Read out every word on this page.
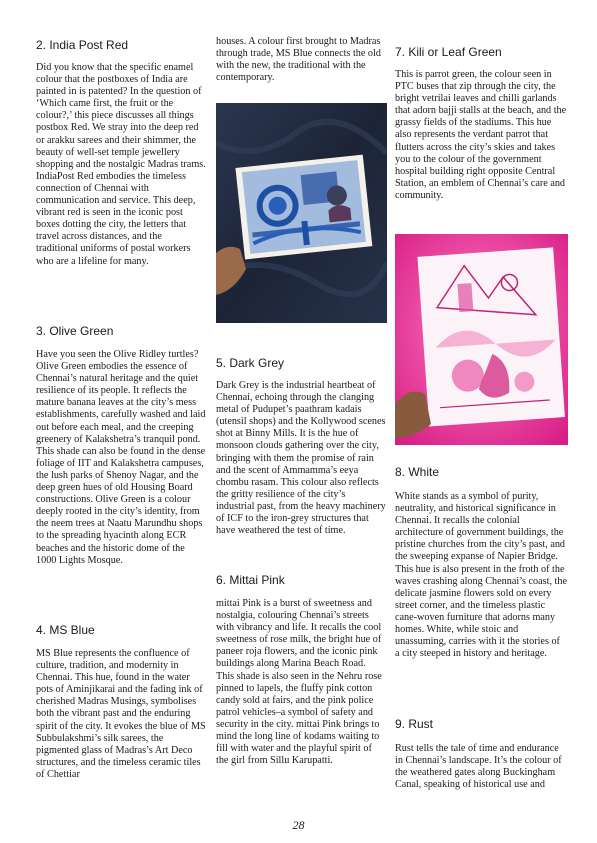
2. India Post Red

Did you know that the specific enamel colour that the postboxes of India are painted in is patented? In the question of ‘Which came first, the fruit or the colour?,’ this piece discusses all things postbox Red. We stray into the deep red or arakku sarees and their shimmer, the beauty of well-set temple jewellery shopping and the nostalgic Madras trams. IndiaPost Red embodies the timeless connection of Chennai with communication and service. This deep, vibrant red is seen in the iconic post boxes dotting the city, the letters that travel across distances, and the traditional uniforms of postal workers who are a lifeline for many.

3. Olive Green

Have you seen the Olive Ridley turtles? Olive Green embodies the essence of Chennai’s natural heritage and the quiet resilience of its people. It reflects the mature banana leaves at the city’s mess establishments, carefully washed and laid out before each meal, and the creeping greenery of Kalakshetra’s tranquil pond. This shade can also be found in the dense foliage of IIT and Kalakshetra campuses, the lush parks of Shenoy Nagar, and the deep green hues of old Housing Board constructions. Olive Green is a colour deeply rooted in the city’s identity, from the neem trees at Naatu Marundhu shops to the spreading hyacinth along ECR beaches and the historic dome of the 1000 Lights Mosque.

4. MS Blue

MS Blue represents the confluence of culture, tradition, and modernity in Chennai. This hue, found in the water pots of Aminjikarai and the fading ink of cherished Madras Musings, symbolises both the vibrant past and the enduring spirit of the city. It evokes the blue of MS Subbulakshmi’s silk sarees, the pigmented glass of Madras’s Art Deco structures, and the timeless ceramic tiles of Chettiar

houses. A colour first brought to Madras through trade, MS Blue connects the old with the new, the traditional with the contemporary.

5. Dark Grey

Dark Grey is the industrial heartbeat of Chennai, echoing through the clanging metal of Pudupet’s paathram kadais (utensil shops) and the Kollywood scenes shot at Binny Mills. It is the hue of monsoon clouds gathering over the city, bringing with them the promise of rain and the scent of Ammamma’s eeya chombu rasam. This colour also reflects the gritty resilience of the city’s industrial past, from the heavy machinery of ICF to the iron-grey structures that have weathered the test of time.

6. Mittai Pink

mittai Pink is a burst of sweetness and nostalgia, colouring Chennai’s streets with vibrancy and life. It recalls the cool sweetness of rose milk, the bright hue of paneer roja flowers, and the iconic pink buildings along Marina Beach Road. This shade is also seen in the Nehru rose pinned to lapels, the fluffy pink cotton candy sold at fairs, and the pink police patrol vehicles–a symbol of safety and security in the city. mittai Pink brings to mind the long line of kodams waiting to fill with water and the playful spirit of the girl from Sillu Karupatti.

7. Kili or Leaf Green

This is parrot green, the colour seen in PTC buses that zip through the city, the bright vetrilai leaves and chilli garlands that adorn bajji stalls at the beach, and the grassy fields of the stadiums. This hue also represents the verdant parrot that flutters across the city’s skies and takes you to the colour of the government hospital building right opposite Central Station, an emblem of Chennai’s care and community.

8. White

White stands as a symbol of purity, neutrality, and historical significance in Chennai. It recalls the colonial architecture of government buildings, the pristine churches from the city’s past, and the sweeping expanse of Napier Bridge. This hue is also present in the froth of the waves crashing along Chennai’s coast, the delicate jasmine flowers sold on every street corner, and the timeless plastic cane-woven furniture that adorns many homes. White, while stoic and unassuming, carries with it the stories of a city steeped in history and heritage.

9. Rust

Rust tells the tale of time and endurance in Chennai’s landscape. It’s the colour of the weathered gates along Buckingham Canal, speaking of historical use and

28
